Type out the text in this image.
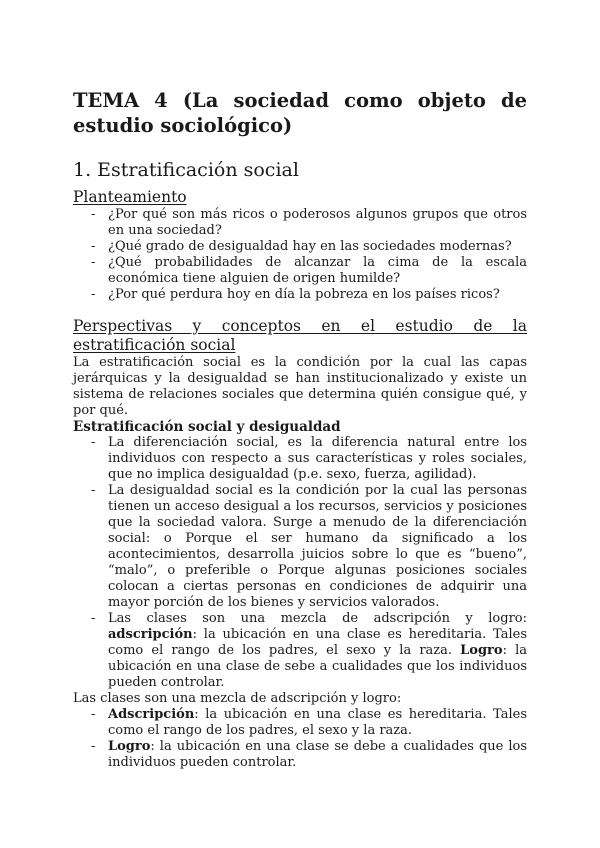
TEMA 4 (La sociedad como objeto de estudio sociológico)
1. Estratificación social
Planteamiento
- ¿Por qué son más ricos o poderosos algunos grupos que otros en una sociedad?
- ¿Qué grado de desigualdad hay en las sociedades modernas?
- ¿Qué probabilidades de alcanzar la cima de la escala económica tiene alguien de origen humilde?
- ¿Por qué perdura hoy en día la pobreza en los países ricos?
Perspectivas y conceptos en el estudio de la estratificación social

La estratificación social es la condición por la cual las capas jerárquicas y la desigualdad se han institucionalizado y existe un sistema de relaciones sociales que determina quién consigue qué, y por qué.

Estratificación social y desigualdad

- La diferenciación social, es la diferencia natural entre los individuos con respecto a sus características y roles sociales, que no implica desigualdad (p.e. sexo, fuerza, agilidad).
- La desigualdad social es la condición por la cual las personas tienen un acceso desigual a los recursos, servicios y posiciones que la sociedad valora. Surge a menudo de la diferenciación social: o Porque el ser humano da significado a los acontecimientos, desarrolla juicios sobre lo que es “bueno”, “malo”, o preferible o Porque algunas posiciones sociales colocan a ciertas personas en condiciones de adquirir una mayor porción de los bienes y servicios valorados.
- Las clases son una mezcla de adscripción y logro: adscripción: la ubicación en una clase es hereditaria. Tales como el rango de los padres, el sexo y la raza. Logro: la ubicación en una clase de sebe a cualidades que los individuos pueden controlar.

Las clases son una mezcla de adscripción y logro:

- Adscripción: la ubicación en una clase es hereditaria. Tales como el rango de los padres, el sexo y la raza.
- Logro: la ubicación en una clase se debe a cualidades que los individuos pueden controlar.
